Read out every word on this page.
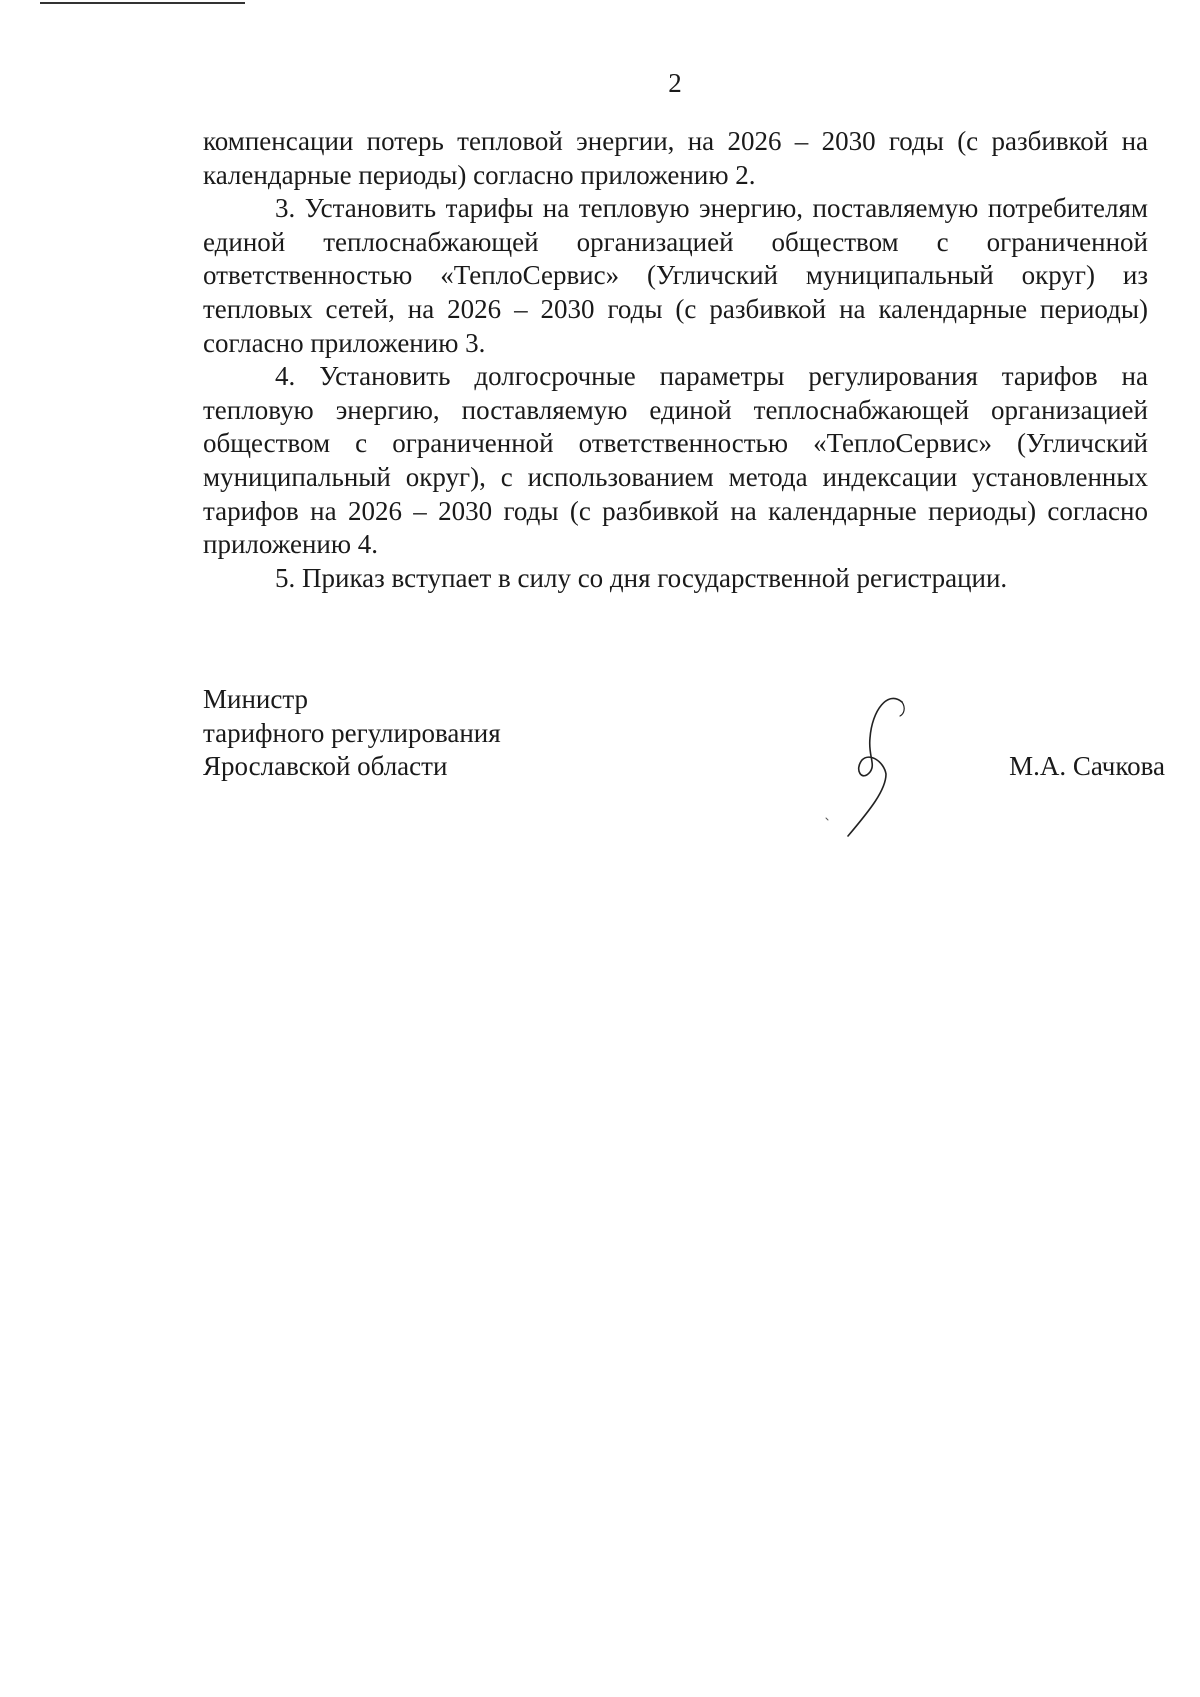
2

компенсации потерь тепловой энергии, на 2026 – 2030 годы (с разбивкой на календарные периоды) согласно приложению 2.

3. Установить тарифы на тепловую энергию, поставляемую потребителям единой теплоснабжающей организацией обществом с ограниченной ответственностью «ТеплоСервис» (Угличский муниципальный округ) из тепловых сетей, на 2026 – 2030 годы (с разбивкой на календарные периоды) согласно приложению 3.

4. Установить долгосрочные параметры регулирования тарифов на тепловую энергию, поставляемую единой теплоснабжающей организацией обществом с ограниченной ответственностью «ТеплоСервис» (Угличский муниципальный округ), с использованием метода индексации установленных тарифов на 2026 – 2030 годы (с разбивкой на календарные периоды) согласно приложению 4.

5. Приказ вступает в силу со дня государственной регистрации.

Министр
тарифного регулирования
Ярославской области	М.А. Сачкова
